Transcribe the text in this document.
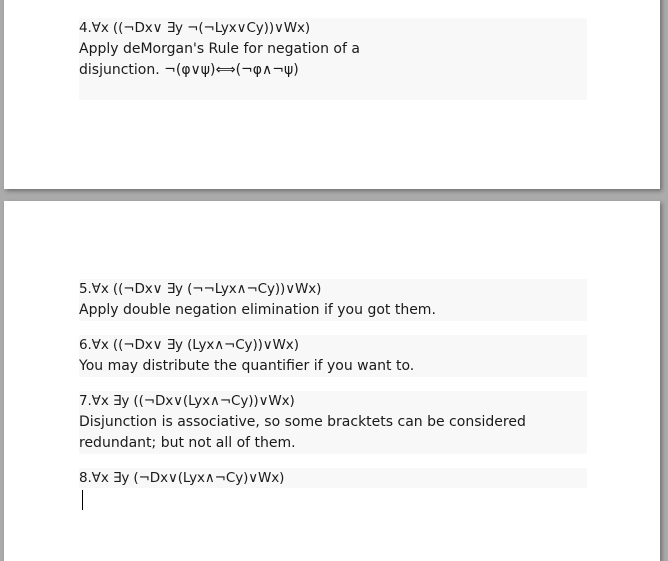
4.∀x ((¬Dx∨ ∃y ¬(¬Lyx∨Cy))∨Wx)
Apply deMorgan's Rule for negation of a
disjunction. ¬(φ∨ψ)⟺(¬φ∧¬ψ)
5.∀x ((¬Dx∨ ∃y (¬¬Lyx∧¬Cy))∨Wx)
Apply double negation elimination if you got them.
6.∀x ((¬Dx∨ ∃y (Lyx∧¬Cy))∨Wx)
You may distribute the quantifier if you want to.
7.∀x ∃y ((¬Dx∨(Lyx∧¬Cy))∨Wx)
Disjunction is associative, so some bracktets can be considered
redundant; but not all of them.
8.∀x ∃y (¬Dx∨(Lyx∧¬Cy)∨Wx)
